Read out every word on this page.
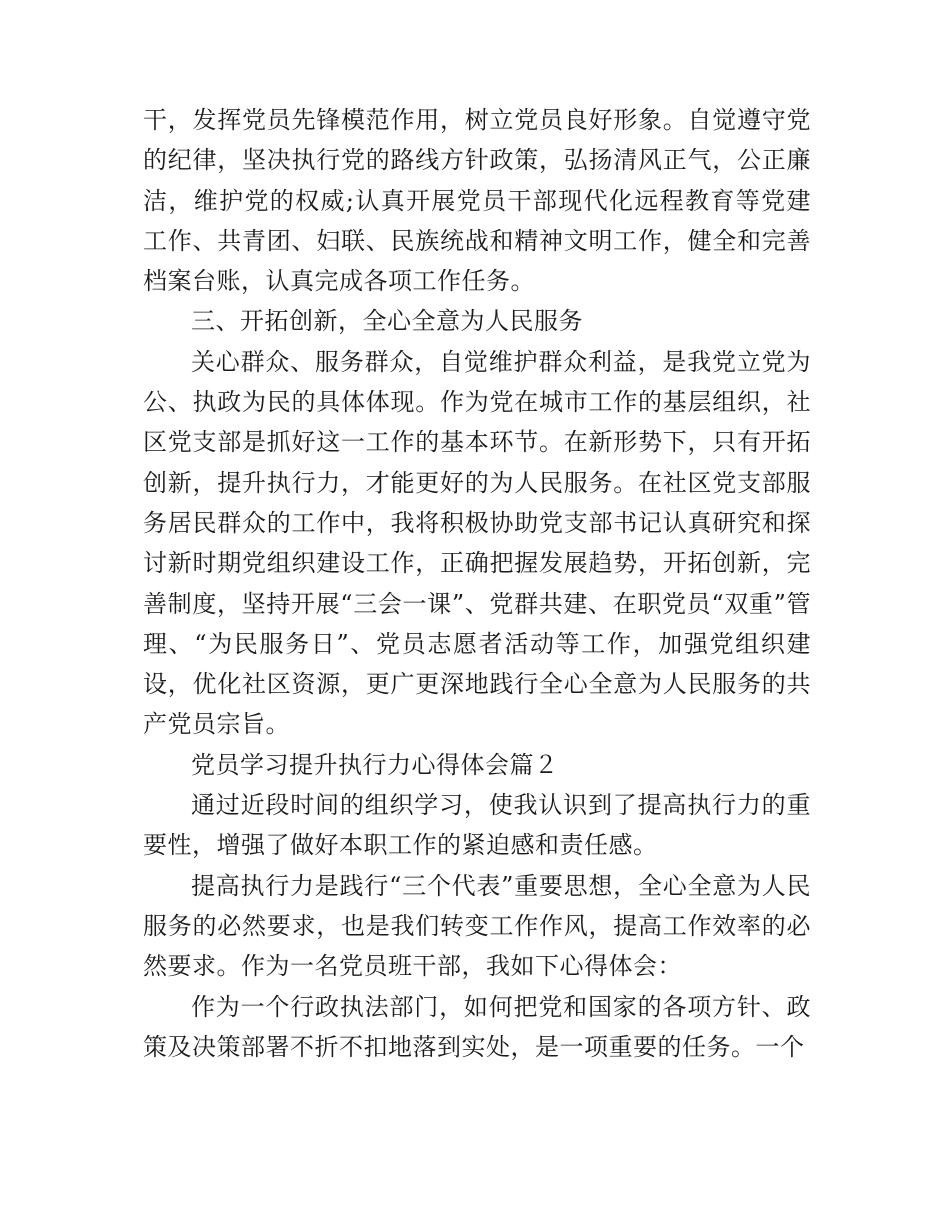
干，发挥党员先锋模范作用，树立党员良好形象。自觉遵守党的纪律，坚决执行党的路线方针政策，弘扬清风正气，公正廉洁，维护党的权威;认真开展党员干部现代化远程教育等党建工作、共青团、妇联、民族统战和精神文明工作，健全和完善档案台账，认真完成各项工作任务。

三、开拓创新，全心全意为人民服务

关心群众、服务群众，自觉维护群众利益，是我党立党为公、执政为民的具体体现。作为党在城市工作的基层组织，社区党支部是抓好这一工作的基本环节。在新形势下，只有开拓创新，提升执行力，才能更好的为人民服务。在社区党支部服务居民群众的工作中，我将积极协助党支部书记认真研究和探讨新时期党组织建设工作，正确把握发展趋势，开拓创新，完善制度，坚持开展“三会一课”、党群共建、在职党员“双重”管理、“为民服务日”、党员志愿者活动等工作，加强党组织建设，优化社区资源，更广更深地践行全心全意为人民服务的共产党员宗旨。

党员学习提升执行力心得体会篇２

通过近段时间的组织学习，使我认识到了提高执行力的重要性，增强了做好本职工作的紧迫感和责任感。

提高执行力是践行“三个代表”重要思想，全心全意为人民服务的必然要求，也是我们转变工作作风，提高工作效率的必然要求。作为一名党员班干部，我如下心得体会：

作为一个行政执法部门，如何把党和国家的各项方针、政策及决策部署不折不扣地落到实处，是一项重要的任务。一个
